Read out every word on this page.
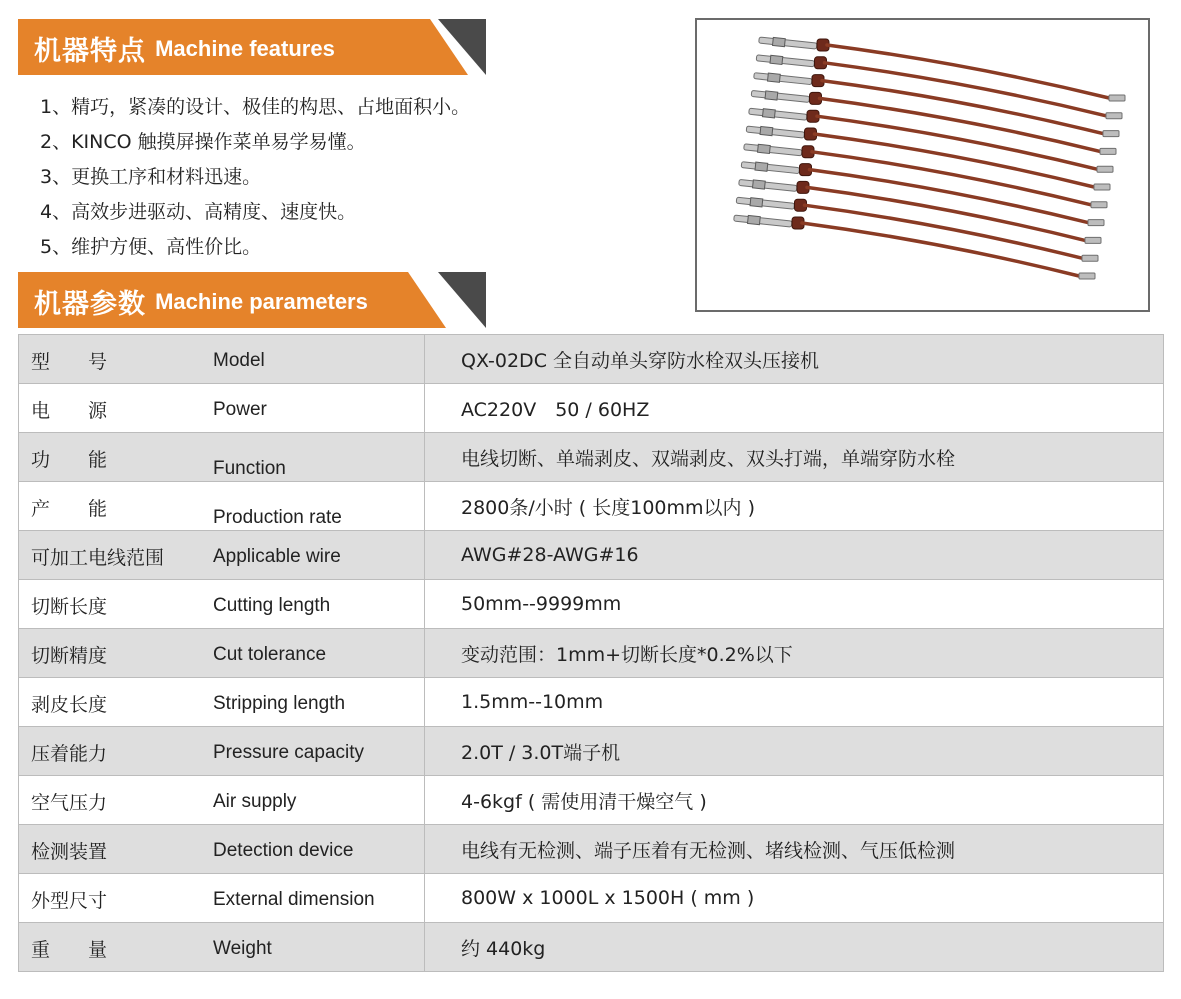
机器特点 Machine features
1、精巧，紧凑的设计、极佳的构思、占地面积小。
2、KINCO 触摸屏操作菜单易学易懂。
3、更换工序和材料迅速。
4、高效步进驱动、高精度、速度快。
5、维护方便、高性价比。
机器参数 Machine parameters
型　　号 Model	QX-02DC 全自动单头穿防水栓双头压接机

电　　源 Power	AC220V　50 / 60HZ

功　　能 Function	电线切断、单端剥皮、双端剥皮、双头打端，单端穿防水栓

产　　能 Production rate	2800条/小时 ( 长度100mm以内 )

可加工电线范围 Applicable wire	AWG#28-AWG#16

切断长度 Cutting length	50mm--9999mm

切断精度 Cut tolerance	变动范围：1mm+切断长度*0.2%以下

剥皮长度 Stripping length	1.5mm--10mm

压着能力 Pressure capacity	2.0T / 3.0T端子机

空气压力 Air supply	4-6kgf ( 需使用清干燥空气 )

检测装置 Detection device	电线有无检测、端子压着有无检测、堵线检测、气压低检测

外型尺寸 External dimension	800W x 1000L x 1500H ( mm )

重　　量 Weight	约 440kg
